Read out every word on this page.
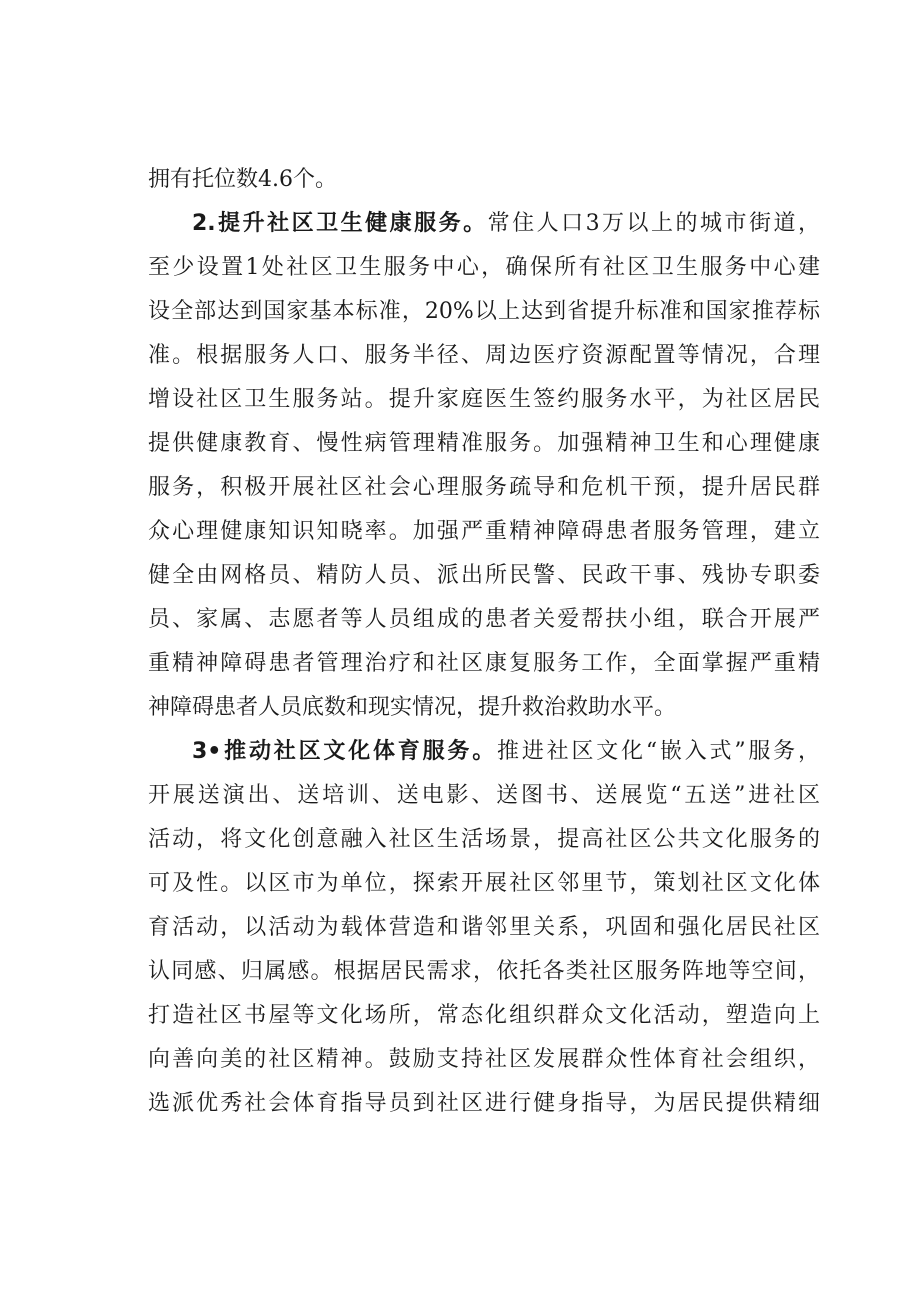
拥有托位数4.6个。
2.提升社区卫生健康服务。常住人口3万以上的城市街道，
至少设置1处社区卫生服务中心，确保所有社区卫生服务中心建
设全部达到国家基本标准，20%以上达到省提升标准和国家推荐标
准。根据服务人口、服务半径、周边医疗资源配置等情况，合理
增设社区卫生服务站。提升家庭医生签约服务水平，为社区居民
提供健康教育、慢性病管理精准服务。加强精神卫生和心理健康
服务，积极开展社区社会心理服务疏导和危机干预，提升居民群
众心理健康知识知晓率。加强严重精神障碍患者服务管理，建立
健全由网格员、精防人员、派出所民警、民政干事、残协专职委
员、家属、志愿者等人员组成的患者关爱帮扶小组，联合开展严
重精神障碍患者管理治疗和社区康复服务工作，全面掌握严重精
神障碍患者人员底数和现实情况，提升救治救助水平。
3•推动社区文化体育服务。推进社区文化“嵌入式”服务，
开展送演出、送培训、送电影、送图书、送展览“五送”进社区
活动，将文化创意融入社区生活场景，提高社区公共文化服务的
可及性。以区市为单位，探索开展社区邻里节，策划社区文化体
育活动，以活动为载体营造和谐邻里关系，巩固和强化居民社区
认同感、归属感。根据居民需求，依托各类社区服务阵地等空间，
打造社区书屋等文化场所，常态化组织群众文化活动，塑造向上
向善向美的社区精神。鼓励支持社区发展群众性体育社会组织，
选派优秀社会体育指导员到社区进行健身指导，为居民提供精细
